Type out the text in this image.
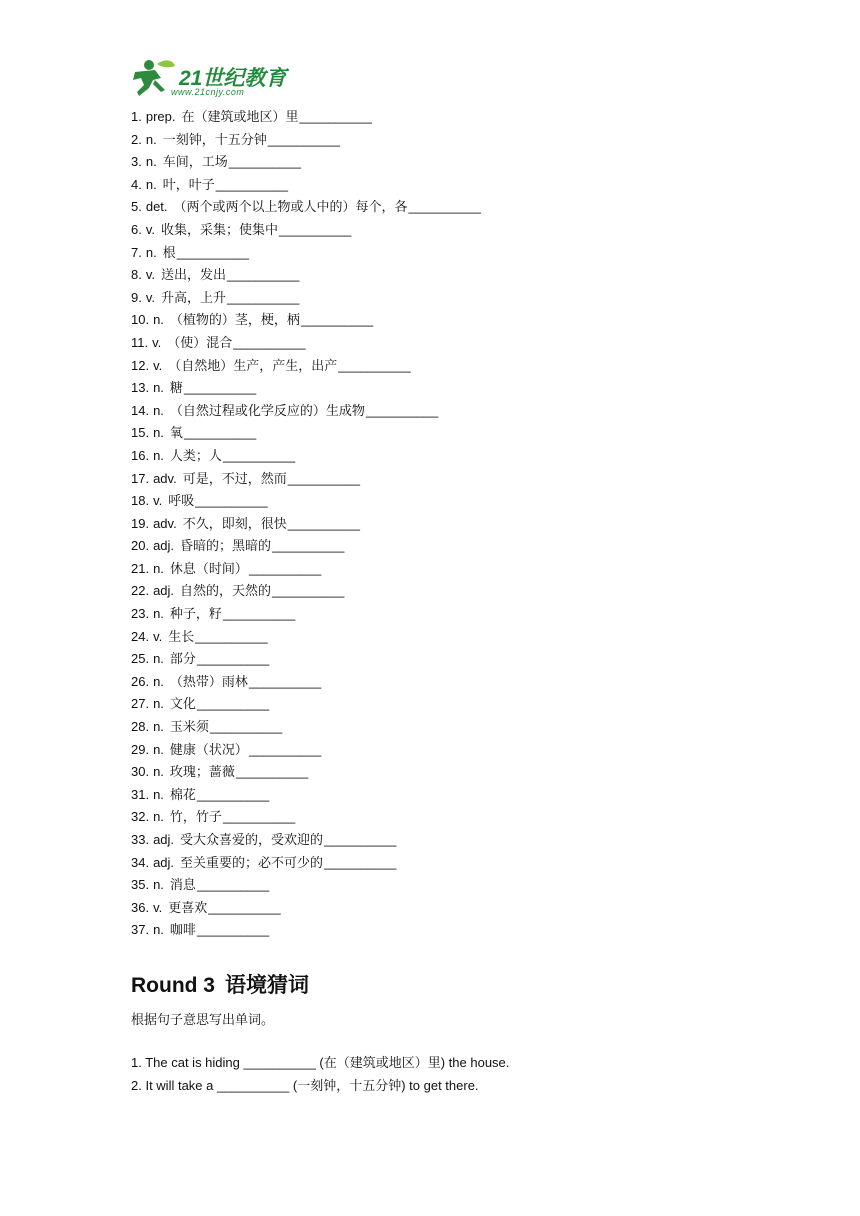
21世纪教育
www.21cnjy.com
1. prep. 在（建筑或地区）里__________
2. n. 一刻钟，十五分钟__________
3. n. 车间，工场__________
4. n. 叶，叶子__________
5. det. （两个或两个以上物或人中的）每个，各__________
6. v. 收集，采集；使集中__________
7. n. 根__________
8. v. 送出，发出__________
9. v. 升高，上升__________
10. n. （植物的）茎，梗，柄__________
11. v. （使）混合__________
12. v. （自然地）生产，产生，出产__________
13. n. 糖__________
14. n. （自然过程或化学反应的）生成物__________
15. n. 氧__________
16. n. 人类；人__________
17. adv. 可是，不过，然而__________
18. v. 呼吸__________
19. adv. 不久，即刻，很快__________
20. adj. 昏暗的；黑暗的__________
21. n. 休息（时间）__________
22. adj. 自然的，天然的__________
23. n. 种子，籽__________
24. v. 生长__________
25. n. 部分__________
26. n. （热带）雨林__________
27. n. 文化__________
28. n. 玉米须__________
29. n. 健康（状况）__________
30. n. 玫瑰；蔷薇__________
31. n. 棉花__________
32. n. 竹，竹子__________
33. adj. 受大众喜爱的，受欢迎的__________
34. adj. 至关重要的；必不可少的__________
35. n. 消息__________
36. v. 更喜欢__________
37. n. 咖啡__________
Round 3 语境猜词
根据句子意思写出单词。
1. The cat is hiding __________ (在（建筑或地区）里) the house.
2. It will take a __________ (一刻钟，十五分钟) to get there.
